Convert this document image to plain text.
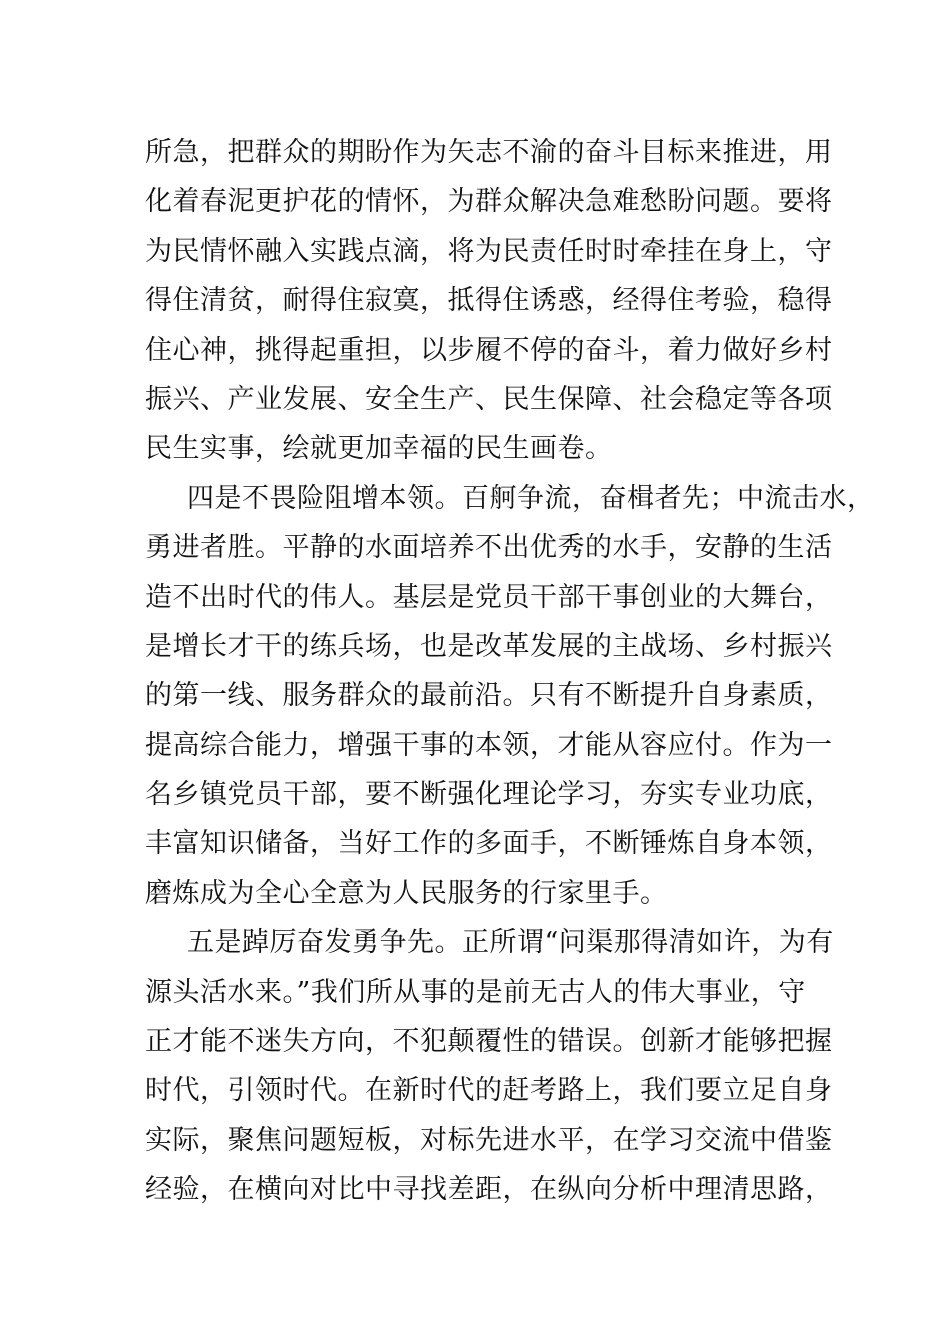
所急，把群众的期盼作为矢志不渝的奋斗目标来推进，用
化着春泥更护花的情怀，为群众解决急难愁盼问题。要将
为民情怀融入实践点滴，将为民责任时时牵挂在身上，守
得住清贫，耐得住寂寞，抵得住诱惑，经得住考验，稳得
住心神，挑得起重担，以步履不停的奋斗，着力做好乡村
振兴、产业发展、安全生产、民生保障、社会稳定等各项
民生实事，绘就更加幸福的民生画卷。
四是不畏险阻增本领。百舸争流，奋楫者先；中流击水，
勇进者胜。平静的水面培养不出优秀的水手，安静的生活
造不出时代的伟人。基层是党员干部干事创业的大舞台，
是增长才干的练兵场，也是改革发展的主战场、乡村振兴
的第一线、服务群众的最前沿。只有不断提升自身素质，
提高综合能力，增强干事的本领，才能从容应付。作为一
名乡镇党员干部，要不断强化理论学习，夯实专业功底，
丰富知识储备，当好工作的多面手，不断锤炼自身本领，
磨炼成为全心全意为人民服务的行家里手。
五是踔厉奋发勇争先。正所谓“问渠那得清如许，为有
源头活水来。”我们所从事的是前无古人的伟大事业，守
正才能不迷失方向，不犯颠覆性的错误。创新才能够把握
时代，引领时代。在新时代的赶考路上，我们要立足自身
实际，聚焦问题短板，对标先进水平，在学习交流中借鉴
经验，在横向对比中寻找差距，在纵向分析中理清思路，
